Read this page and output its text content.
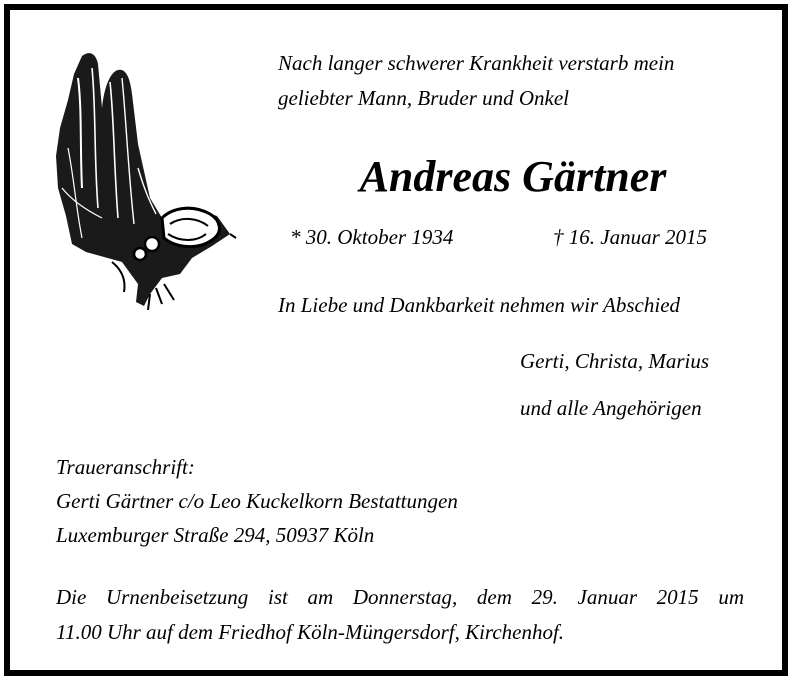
Nach langer schwerer Krankheit verstarb mein
geliebter Mann, Bruder und Onkel
Andreas Gärtner
* 30. Oktober 1934	† 16. Januar 2015
In Liebe und Dankbarkeit nehmen wir Abschied
Gerti, Christa, Marius
und alle Angehörigen
Traueranschrift:
Gerti Gärtner c/o Leo Kuckelkorn Bestattungen
Luxemburger Straße 294, 50937 Köln
Die Urnenbeisetzung ist am Donnerstag, dem 29. Januar 2015 um
11.00 Uhr auf dem Friedhof Köln-Müngersdorf, Kirchenhof.
